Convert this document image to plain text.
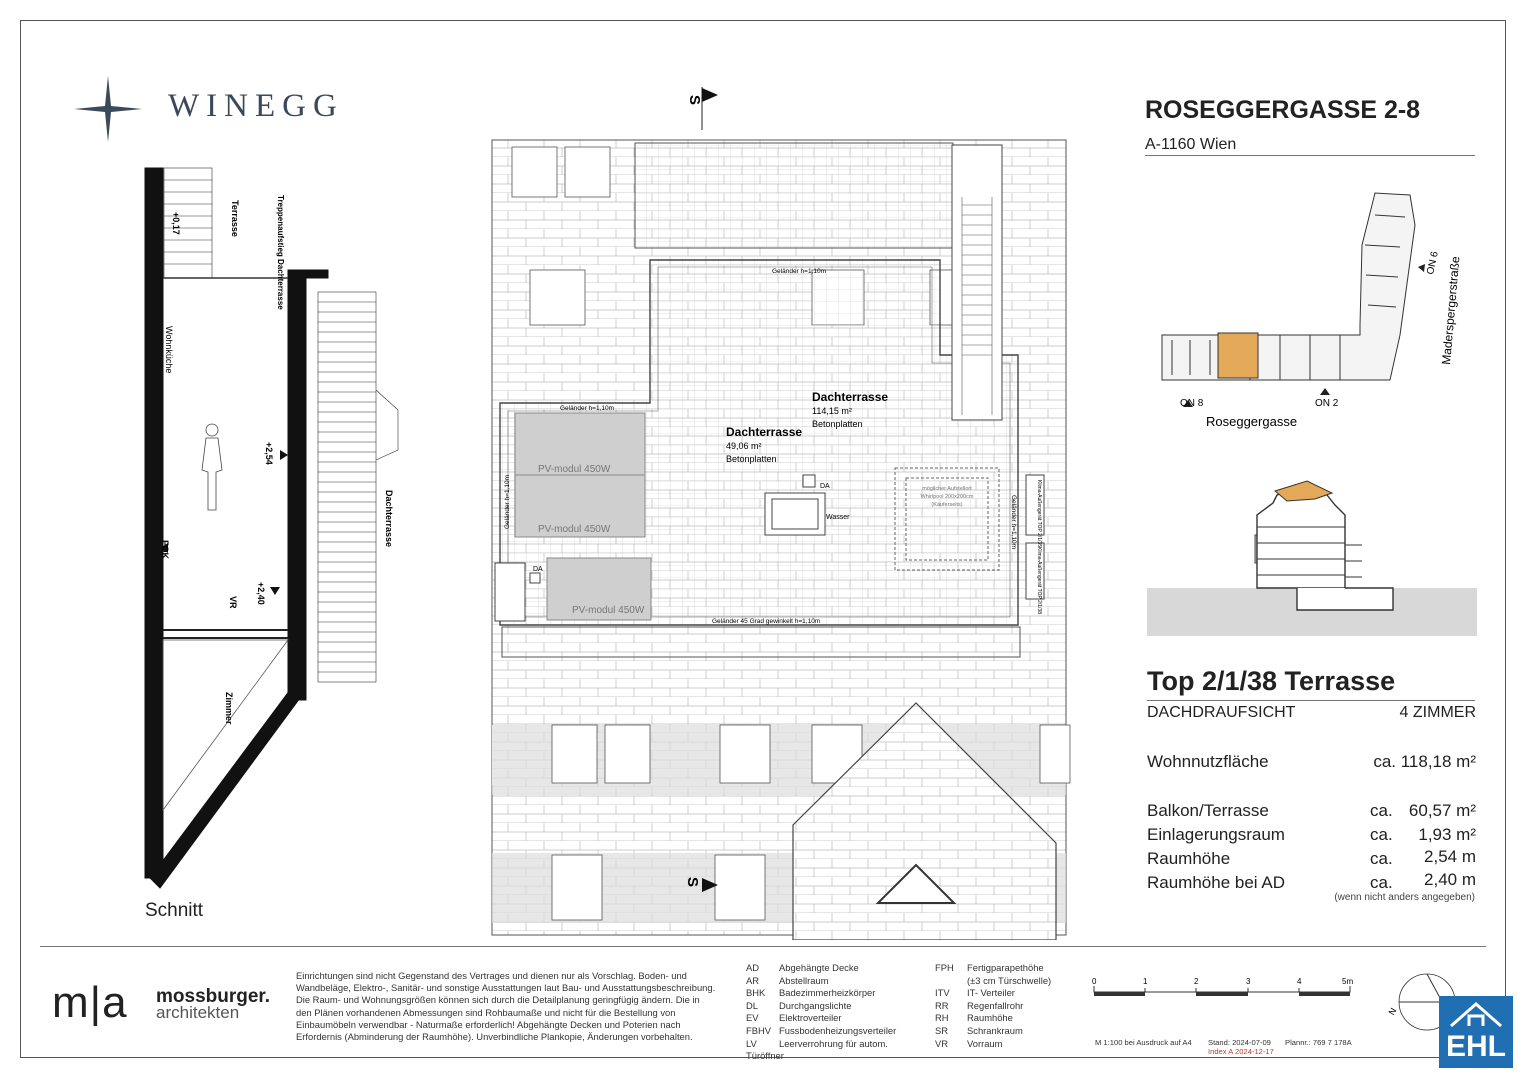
WINEGG	ROSEGGERGASSE 2-8
A-1160 Wien
ON 8	ON 2
ON 6
Roseggergasse
Maderspergerstraße
Top 2/1/38 Terrasse
DACHDRAUFSICHT	4 ZIMMER
Wohnnutzfläche	ca. 118,18 m²
Balkon/Terrasse	ca. 60,57 m²
Einlagerungsraum	ca.	1,93 m²
Raumhöhe	ca.	2,54 m
Raumhöhe bei AD	ca.	2,40 m
(wenn nicht anders angegeben)
Wohnküche
Terrasse	Treppenaufstieg Dachterrasse
Dachterrasse
+0,17
+2,54
FOK
+2,40
VR
Zimmer
Schnitt
PV-modul 450W
PV-modul 450W
PV-modul 450W
DA
Wasser
möglicher Aufstellort
Whirlpool 200x200cm
(Käuferseits)	Klima-Außengerät TOP 2/1/35
Klima-Außengerät TOP 2/1/38
DA
Dachterrasse
114,15 m²
Betonplatten
Dachterrasse
49,06 m²
Betonplatten
Geländer h=1,10m
Geländer h=1,10m
Geländer h=1,10m	Geländer h=1,10m
Geländer 45 Grad gewinkelt h=1,10m
S
S
m|a mossburger.
architekten
Einrichtungen sind nicht Gegenstand des Vertrages und dienen nur als Vorschlag. Boden- und Wandbeläge, Elektro-, Sanitär- und sonstige Ausstattungen laut Bau- und Ausstattungsbeschreibung. Die Raum- und Wohnungsgrößen können sich durch die Detailplanung geringfügig ändern. Die in den Plänen vorhandenen Abmessungen sind Rohbaumaße und nicht für die Bestellung von Einbaumöbeln verwendbar - Naturmaße erforderlich! Abgehängte Decken und Poterien nach Erfordernis (Abminderung der Raumhöhe). Unverbindliche Plankopie, Änderungen vorbehalten.
AD Abgehängte Decke
AR Abstellraum
BHK Badezimmerheizkörper
DL Durchgangslichte
EV Elektroverteiler
FBHV Fussbodenheizungsverteiler
LV Leerverrohrung für autom. Türöffner
FPH Fertigparapethöhe
(±3 cm Türschwelle)
ITV IT- Verteiler
RR Regenfallrohr
RH Raumhöhe
SR Schrankraum
VR Vorraum
0	1	2	3	4	5m
M 1:100 bei Ausdruck auf A4 Stand: 2024-07-09
Index A 2024-12-17
Plannr.: 769 7 178A
N
EHL
